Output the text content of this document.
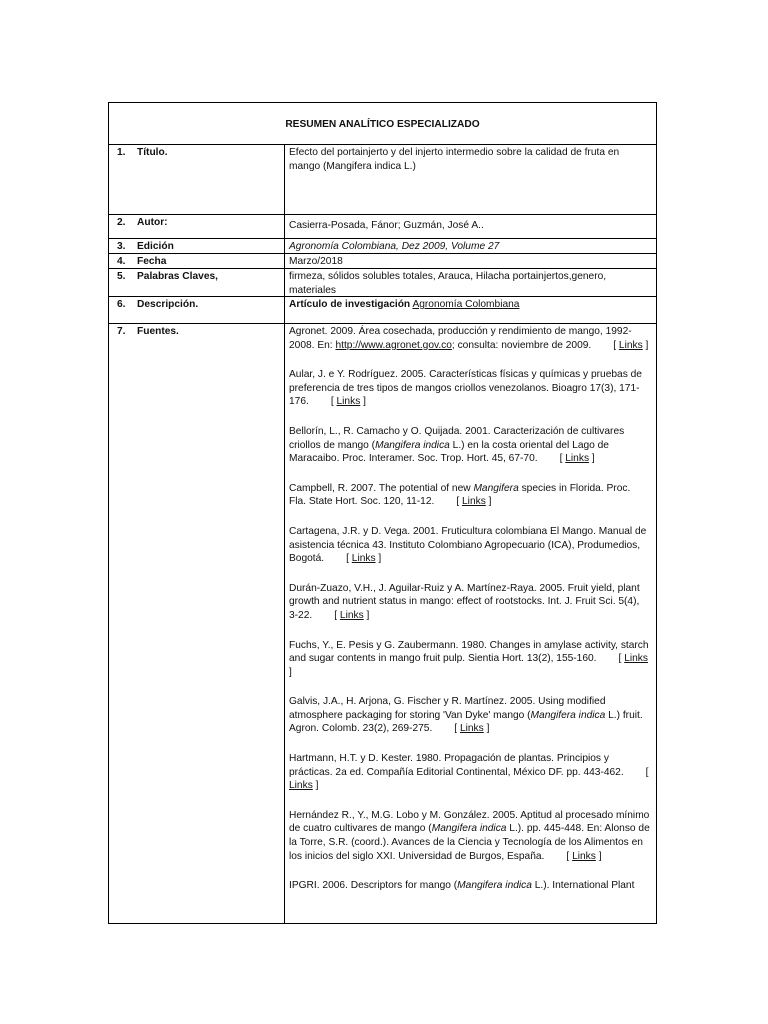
RESUMEN ANALÍTICO ESPECIALIZADO
1.	Título.	Efecto del portainjerto y del injerto intermedio sobre la calidad de fruta en mango (Mangifera indica L.)
2.	Autor:	Casierra-Posada, Fánor; Guzmán, José A..
3.	Edición	Agronomía Colombiana, Dez 2009, Volume 27
4.	Fecha	Marzo/2018
5.	Palabras Claves,	firmeza, sólidos solubles totales, Arauca, Hilacha portainjertos,genero, materiales
6.	Descripción.	Artículo de investigación Agronomía Colombiana
7.	Fuentes.	Agronet. 2009. Área cosechada, producción y rendimiento de mango, 1992-2008. En: http://www.agronet.gov.co; consulta: noviembre de 2009. [ Links ]
Aular, J. e Y. Rodríguez. 2005. Características físicas y químicas y pruebas de preferencia de tres tipos de mangos criollos venezolanos. Bioagro 17(3), 171-176. [ Links ]
Bellorín, L., R. Camacho y O. Quijada. 2001. Caracterización de cultivares criollos de mango (Mangifera indica L.) en la costa oriental del Lago de Maracaibo. Proc. Interamer. Soc. Trop. Hort. 45, 67-70. [ Links ]
Campbell, R. 2007. The potential of new Mangifera species in Florida. Proc. Fla. State Hort. Soc. 120, 11-12. [ Links ]
Cartagena, J.R. y D. Vega. 2001. Fruticultura colombiana El Mango. Manual de asistencia técnica 43. Instituto Colombiano Agropecuario (ICA), Produmedios, Bogotá. [ Links ]
Durán-Zuazo, V.H., J. Aguilar-Ruiz y A. Martínez-Raya. 2005. Fruit yield, plant growth and nutrient status in mango: effect of rootstocks. Int. J. Fruit Sci. 5(4), 3-22. [ Links ]
Fuchs, Y., E. Pesis y G. Zaubermann. 1980. Changes in amylase activity, starch and sugar contents in mango fruit pulp. Sientia Hort. 13(2), 155-160. [ Links ]
Galvis, J.A., H. Arjona, G. Fischer y R. Martínez. 2005. Using modified atmosphere packaging for storing 'Van Dyke' mango (Mangifera indica L.) fruit. Agron. Colomb. 23(2), 269-275. [ Links ]
Hartmann, H.T. y D. Kester. 1980. Propagación de plantas. Principios y prácticas. 2a ed. Compañía Editorial Continental, México DF. pp. 443-462. [ Links ]
Hernández R., Y., M.G. Lobo y M. González. 2005. Aptitud al procesado mínimo de cuatro cultivares de mango (Mangifera indica L.). pp. 445-448. En: Alonso de la Torre, S.R. (coord.). Avances de la Ciencia y Tecnología de los Alimentos en los inicios del siglo XXI. Universidad de Burgos, España. [ Links ]
IPGRI. 2006. Descriptors for mango (Mangifera indica L.). International Plant
